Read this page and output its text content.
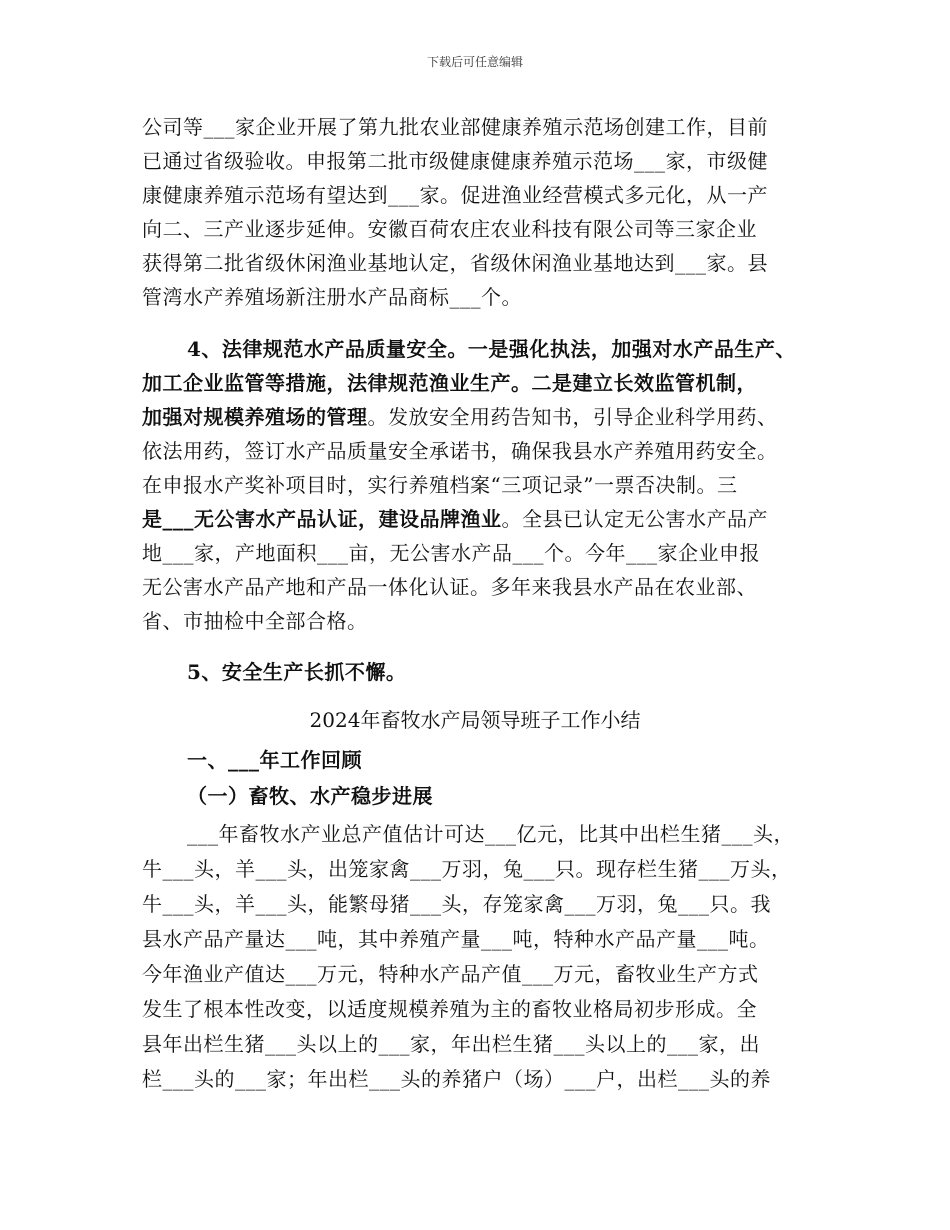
下载后可任意编辑
公司等___家企业开展了第九批农业部健康养殖示范场创建工作，目前
已通过省级验收。申报第二批市级健康健康养殖示范场___家，市级健
康健康养殖示范场有望达到___家。促进渔业经营模式多元化，从一产
向二、三产业逐步延伸。安徽百荷农庄农业科技有限公司等三家企业
获得第二批省级休闲渔业基地认定，省级休闲渔业基地达到___家。县
管湾水产养殖场新注册水产品商标___个。
4、法律规范水产品质量安全。一是强化执法，加强对水产品生产、
加工企业监管等措施，法律规范渔业生产。二是建立长效监管机制，
加强对规模养殖场的管理。发放安全用药告知书，引导企业科学用药、
依法用药，签订水产品质量安全承诺书，确保我县水产养殖用药安全。
在申报水产奖补项目时，实行养殖档案“三项记录”一票否决制。三
是___无公害水产品认证，建设品牌渔业。全县已认定无公害水产品产
地___家，产地面积___亩，无公害水产品___个。今年___家企业申报
无公害水产品产地和产品一体化认证。多年来我县水产品在农业部、
省、市抽检中全部合格。
5、安全生产长抓不懈。
2024年畜牧水产局领导班子工作小结
一、___年工作回顾
（一）畜牧、水产稳步进展
___年畜牧水产业总产值估计可达___亿元，比其中出栏生猪___头，
牛___头，羊___头，出笼家禽___万羽，兔___只。现存栏生猪___万头，
牛___头，羊___头，能繁母猪___头，存笼家禽___万羽，兔___只。我
县水产品产量达___吨，其中养殖产量___吨，特种水产品产量___吨。
今年渔业产值达___万元，特种水产品产值___万元，畜牧业生产方式
发生了根本性改变，以适度规模养殖为主的畜牧业格局初步形成。全
县年出栏生猪___头以上的___家，年出栏生猪___头以上的___家，出
栏___头的___家；年出栏___头的养猪户（场）___户，出栏___头的养
